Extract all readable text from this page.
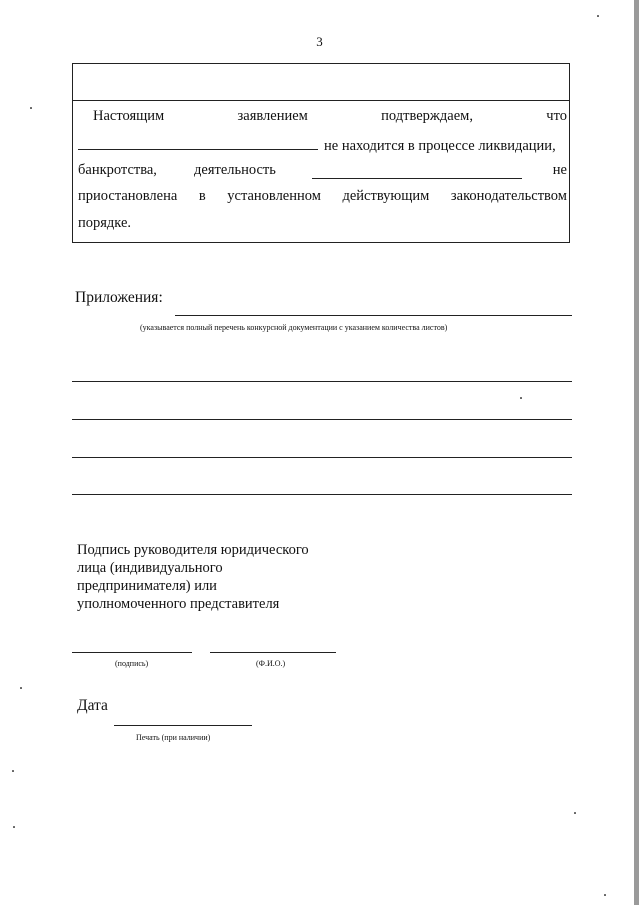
3
Настоящим	заявлением	подтверждаем,	что
не находится в процессе ликвидации,
банкротства,	деятельность	не
приостановлена в установленном действующим законодательством
порядке.
Приложения:
(указывается полный перечень конкурсной документации с указанием количества листов)
Подпись руководителя юридического
лица (индивидуального
предпринимателя) или
уполномоченного представителя
(подпись)	(Ф.И.О.)
Дата
Печать (при наличии)
